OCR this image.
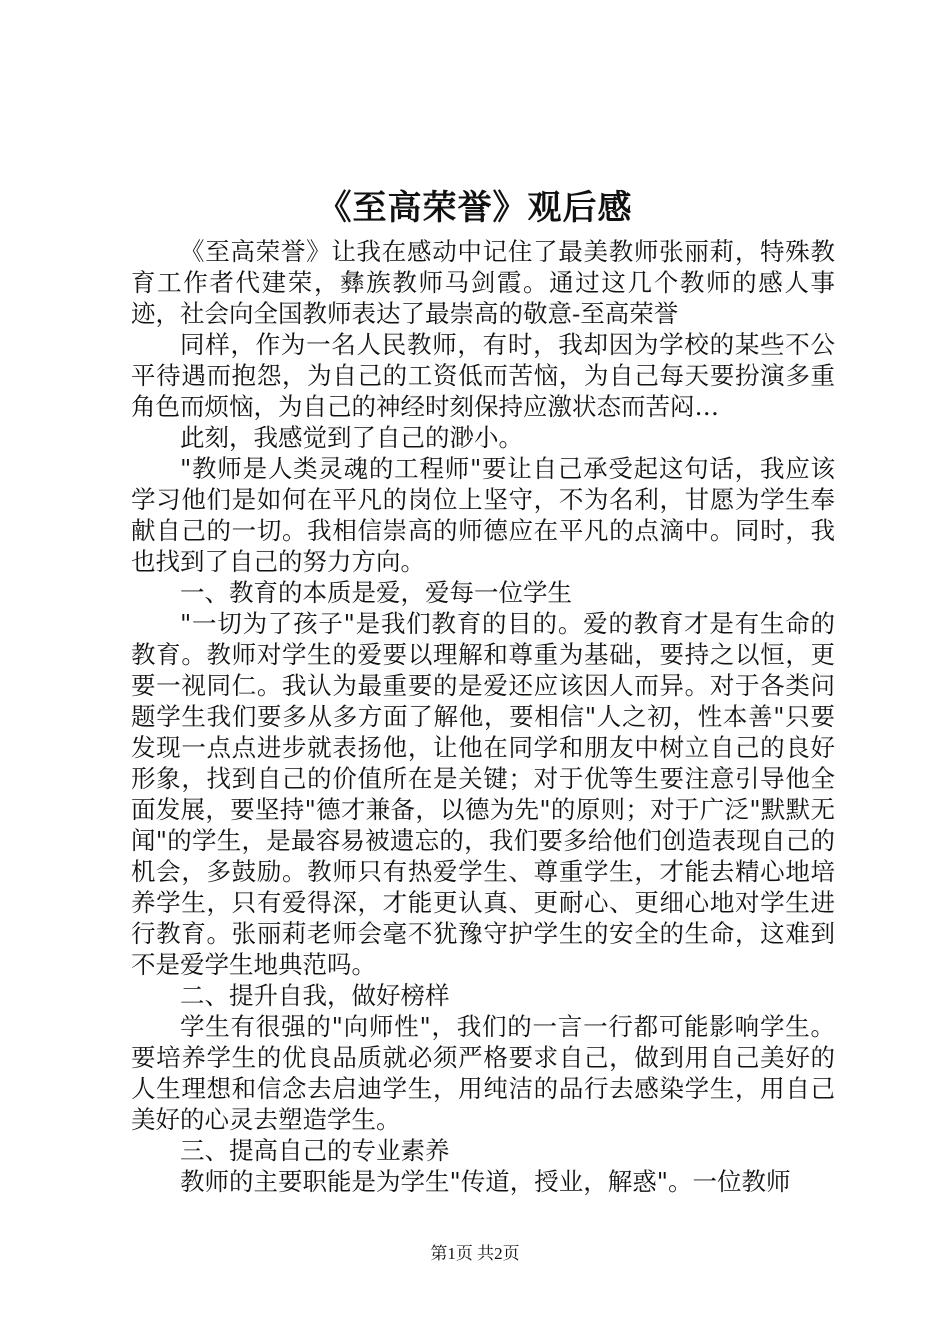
《至高荣誉》观后感

《至高荣誉》让我在感动中记住了最美教师张丽莉，特殊教育工作者代建荣，彝族教师马剑霞。通过这几个教师的感人事迹，社会向全国教师表达了最崇高的敬意-至高荣誉

同样，作为一名人民教师，有时，我却因为学校的某些不公平待遇而抱怨，为自己的工资低而苦恼，为自己每天要扮演多重角色而烦恼，为自己的神经时刻保持应激状态而苦闷…

此刻，我感觉到了自己的渺小。

"教师是人类灵魂的工程师"要让自己承受起这句话，我应该学习他们是如何在平凡的岗位上坚守，不为名利，甘愿为学生奉献自己的一切。我相信崇高的师德应在平凡的点滴中。同时，我也找到了自己的努力方向。

一、教育的本质是爱，爱每一位学生

"一切为了孩子"是我们教育的目的。爱的教育才是有生命的教育。教师对学生的爱要以理解和尊重为基础，要持之以恒，更要一视同仁。我认为最重要的是爱还应该因人而异。对于各类问题学生我们要多从多方面了解他，要相信"人之初，性本善"只要发现一点点进步就表扬他，让他在同学和朋友中树立自己的良好形象，找到自己的价值所在是关键；对于优等生要注意引导他全面发展，要坚持"德才兼备，以德为先"的原则；对于广泛"默默无闻"的学生，是最容易被遗忘的，我们要多给他们创造表现自己的机会，多鼓励。教师只有热爱学生、尊重学生，才能去精心地培养学生，只有爱得深，才能更认真、更耐心、更细心地对学生进行教育。张丽莉老师会毫不犹豫守护学生的安全的生命，这难到不是爱学生地典范吗。

二、提升自我，做好榜样

学生有很强的"向师性"，我们的一言一行都可能影响学生。要培养学生的优良品质就必须严格要求自己，做到用自己美好的人生理想和信念去启迪学生，用纯洁的品行去感染学生，用自己美好的心灵去塑造学生。

三、提高自己的专业素养

教师的主要职能是为学生"传道，授业，解惑"。一位教师

第1页 共2页
